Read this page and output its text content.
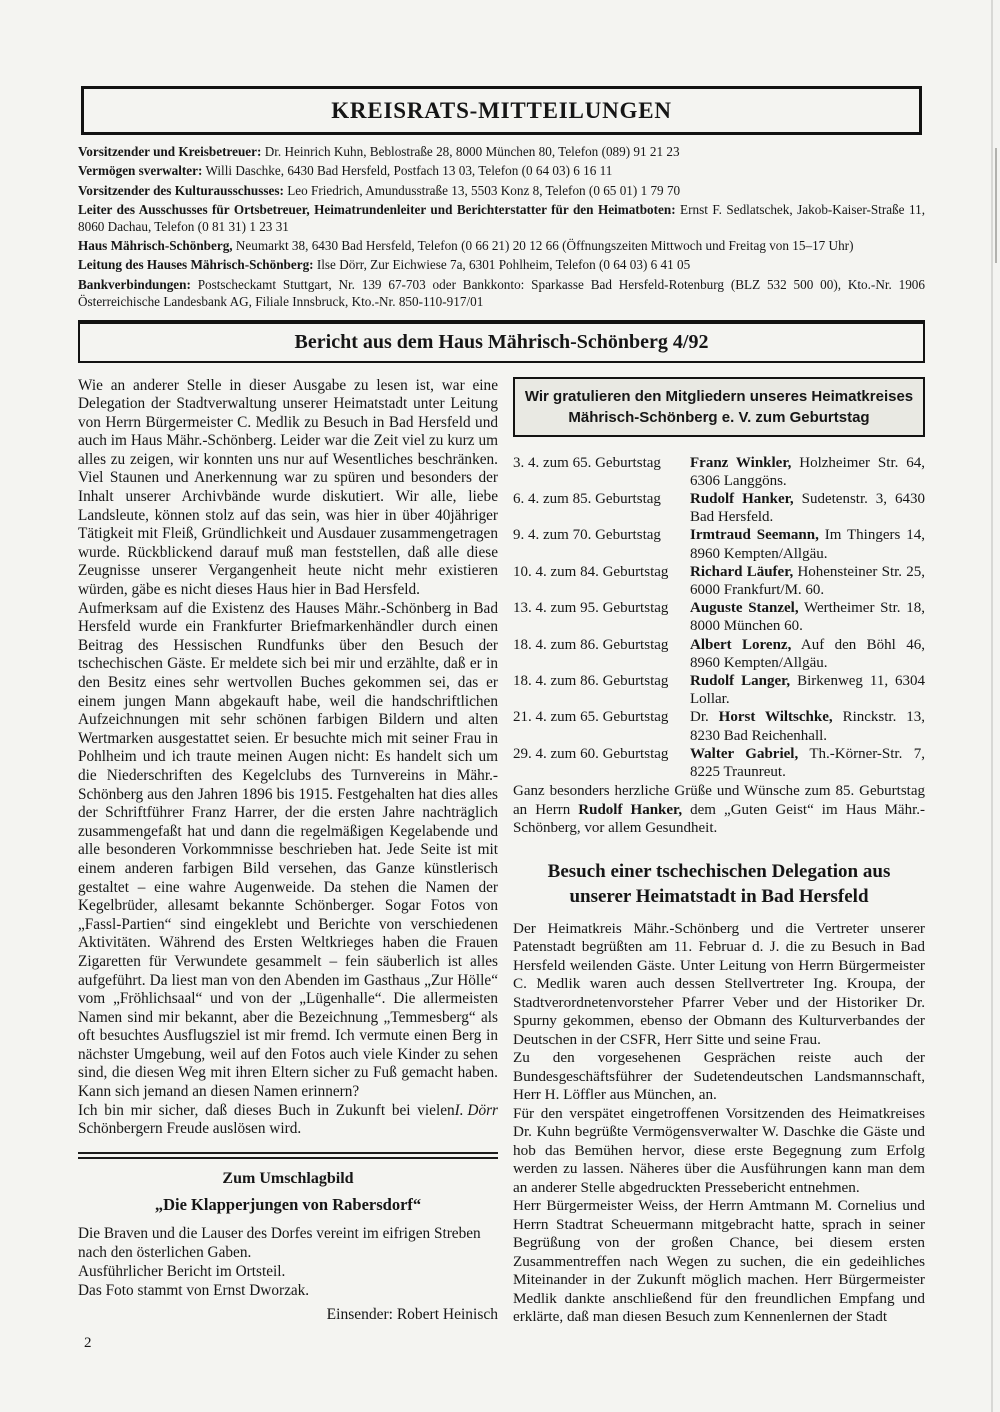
KREISRATS-MITTEILUNGEN

Vorsitzender und Kreisbetreuer: Dr. Heinrich Kuhn, Beblostraße 28, 8000 München 80, Telefon (089) 91 21 23

Vermögen sverwalter: Willi Daschke, 6430 Bad Hersfeld, Postfach 13 03, Telefon (0 64 03) 6 16 11

Vorsitzender des Kulturausschusses: Leo Friedrich, Amundusstraße 13, 5503 Konz 8, Telefon (0 65 01) 1 79 70

Leiter des Ausschusses für Ortsbetreuer, Heimatrundenleiter und Berichterstatter für den Heimatboten: Ernst F. Sedlatschek, Jakob-Kaiser-Straße 11, 8060 Dachau, Telefon (0 81 31) 1 23 31

Haus Mährisch-Schönberg, Neumarkt 38, 6430 Bad Hersfeld, Telefon (0 66 21) 20 12 66 (Öffnungszeiten Mittwoch und Freitag von 15–17 Uhr)

Leitung des Hauses Mährisch-Schönberg: Ilse Dörr, Zur Eichwiese 7a, 6301 Pohlheim, Telefon (0 64 03) 6 41 05

Bankverbindungen: Postscheckamt Stuttgart, Nr. 139 67-703 oder Bankkonto: Sparkasse Bad Hersfeld-Rotenburg (BLZ 532 500 00), Kto.-Nr. 1906 Österreichische Landesbank AG, Filiale Innsbruck, Kto.-Nr. 850-110-917/01

Bericht aus dem Haus Mährisch-Schönberg 4/92

Wie an anderer Stelle in dieser Ausgabe zu lesen ist, war eine Delegation der Stadtverwaltung unserer Heimatstadt unter Leitung von Herrn Bürgermeister C. Medlik zu Besuch in Bad Hersfeld und auch im Haus Mähr.-Schönberg. Leider war die Zeit viel zu kurz um alles zu zeigen, wir konnten uns nur auf Wesentliches beschränken. Viel Staunen und Anerkennung war zu spüren und besonders der Inhalt unserer Archivbände wurde diskutiert. Wir alle, liebe Landsleute, können stolz auf das sein, was hier in über 40jähriger Tätigkeit mit Fleiß, Gründlichkeit und Ausdauer zusammengetragen wurde. Rückblickend darauf muß man feststellen, daß alle diese Zeugnisse unserer Vergangenheit heute nicht mehr existieren würden, gäbe es nicht dieses Haus hier in Bad Hersfeld.

Aufmerksam auf die Existenz des Hauses Mähr.-Schönberg in Bad Hersfeld wurde ein Frankfurter Briefmarkenhändler durch einen Beitrag des Hessischen Rundfunks über den Besuch der tschechischen Gäste. Er meldete sich bei mir und erzählte, daß er in den Besitz eines sehr wertvollen Buches gekommen sei, das er einem jungen Mann abgekauft habe, weil die handschriftlichen Aufzeichnungen mit sehr schönen farbigen Bildern und alten Wertmarken ausgestattet seien. Er besuchte mich mit seiner Frau in Pohlheim und ich traute meinen Augen nicht: Es handelt sich um die Niederschriften des Kegelclubs des Turnvereins in Mähr.-Schönberg aus den Jahren 1896 bis 1915. Festgehalten hat dies alles der Schriftführer Franz Harrer, der die ersten Jahre nachträglich zusammengefaßt hat und dann die regelmäßigen Kegelabende und alle besonderen Vorkommnisse beschrieben hat. Jede Seite ist mit einem anderen farbigen Bild versehen, das Ganze künstlerisch gestaltet – eine wahre Augenweide. Da stehen die Namen der Kegelbrüder, allesamt bekannte Schönberger. Sogar Fotos von „Fassl-Partien“ sind eingeklebt und Berichte von verschiedenen Aktivitäten. Während des Ersten Weltkrieges haben die Frauen Zigaretten für Verwundete gesammelt – fein säuberlich ist alles aufgeführt. Da liest man von den Abenden im Gasthaus „Zur Hölle“ vom „Fröhlichsaal“ und von der „Lügenhalle“. Die allermeisten Namen sind mir bekannt, aber die Bezeichnung „Temmesberg“ als oft besuchtes Ausflugsziel ist mir fremd. Ich vermute einen Berg in nächster Umgebung, weil auf den Fotos auch viele Kinder zu sehen sind, die diesen Weg mit ihren Eltern sicher zu Fuß gemacht haben. Kann sich jemand an diesen Namen erinnern?

I. Dörr
Ich bin mir sicher, daß dieses Buch in Zukunft bei vielen Schönbergern Freude auslösen wird.

Zum Umschlagbild
„Die Klapperjungen von Rabersdorf“

Die Braven und die Lauser des Dorfes vereint im eifrigen Streben nach den österlichen Gaben.

Ausführlicher Bericht im Ortsteil.

Das Foto stammt von Ernst Dworzak.

Einsender: Robert Heinisch
Wir gratulieren den Mitgliedern unseres Heimatkreises
Mährisch-Schönberg e. V. zum Geburtstag
3. 4. zum 65. Geburtstag	Franz Winkler, Holzheimer Str. 64, 6306 Langgöns.
6. 4. zum 85. Geburtstag	Rudolf Hanker, Sudetenstr. 3, 6430 Bad Hersfeld.
9. 4. zum 70. Geburtstag	Irmtraud Seemann, Im Thingers 14, 8960 Kempten/Allgäu.
10. 4. zum 84. Geburtstag	Richard Läufer, Hohensteiner Str. 25, 6000 Frankfurt/M. 60.
13. 4. zum 95. Geburtstag	Auguste Stanzel, Wertheimer Str. 18, 8000 München 60.
18. 4. zum 86. Geburtstag	Albert Lorenz, Auf den Böhl 46, 8960 Kempten/Allgäu.
18. 4. zum 86. Geburtstag	Rudolf Langer, Birkenweg 11, 6304 Lollar.
21. 4. zum 65. Geburtstag	Dr. Horst Wiltschke, Rinckstr. 13, 8230 Bad Reichenhall.
29. 4. zum 60. Geburtstag	Walter Gabriel, Th.-Körner-Str. 7, 8225 Traunreut.
Ganz besonders herzliche Grüße und Wünsche zum 85. Geburtstag an Herrn Rudolf Hanker, dem „Guten Geist“ im Haus Mähr.-Schönberg, vor allem Gesundheit.
Besuch einer tschechischen Delegation aus
unserer Heimatstadt in Bad Hersfeld

Der Heimatkreis Mähr.-Schönberg und die Vertreter unserer Patenstadt begrüßten am 11. Februar d. J. die zu Besuch in Bad Hersfeld weilenden Gäste. Unter Leitung von Herrn Bürgermeister C. Medlik waren auch dessen Stellvertreter Ing. Kroupa, der Stadtverordnetenvorsteher Pfarrer Veber und der Historiker Dr. Spurny gekommen, ebenso der Obmann des Kulturverbandes der Deutschen in der CSFR, Herr Sitte und seine Frau.

Zu den vorgesehenen Gesprächen reiste auch der Bundesgeschäftsführer der Sudetendeutschen Landsmannschaft, Herr H. Löffler aus München, an.

Für den verspätet eingetroffenen Vorsitzenden des Heimatkreises Dr. Kuhn begrüßte Vermögensverwalter W. Daschke die Gäste und hob das Bemühen hervor, diese erste Begegnung zum Erfolg werden zu lassen. Näheres über die Ausführungen kann man dem an anderer Stelle abgedruckten Pressebericht entnehmen.

Herr Bürgermeister Weiss, der Herrn Amtmann M. Cornelius und Herrn Stadtrat Scheuermann mitgebracht hatte, sprach in seiner Begrüßung von der großen Chance, bei diesem ersten Zusammentreffen nach Wegen zu suchen, die ein gedeihliches Miteinander in der Zukunft möglich machen. Herr Bürgermeister Medlik dankte anschließend für den freundlichen Empfang und erklärte, daß man diesen Besuch zum Kennenlernen der Stadt

2
